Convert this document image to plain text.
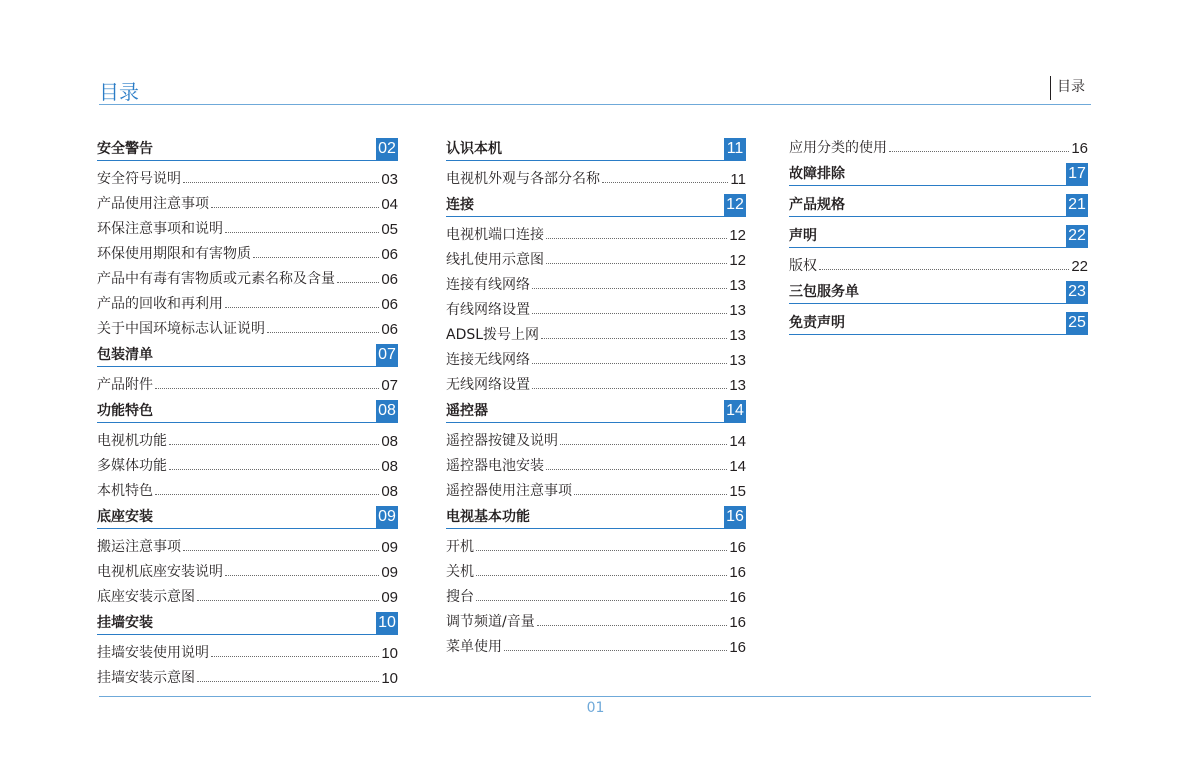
目录	目录
安全警告	02
安全符号说明	03
产品使用注意事项	04
环保注意事项和说明	05
环保使用期限和有害物质	06
产品中有毒有害物质或元素名称及含量	06
产品的回收和再利用	06
关于中国环境标志认证说明	06
包装清单	07
产品附件	07
功能特色	08
电视机功能	08
多媒体功能	08
本机特色	08
底座安装	09
搬运注意事项	09
电视机底座安装说明	09
底座安装示意图	09
挂墙安装	10
挂墙安装使用说明	10
挂墙安装示意图	10
认识本机	11
电视机外观与各部分名称	11
连接	12
电视机端口连接	12
线扎使用示意图	12
连接有线网络	13
有线网络设置	13
ADSL拨号上网	13
连接无线网络	13
无线网络设置	13
遥控器	14
遥控器按键及说明	14
遥控器电池安装	14
遥控器使用注意事项	15
电视基本功能	16
开机	16
关机	16
搜台	16
调节频道/音量	16
菜单使用	16
应用分类的使用	16
故障排除	17
产品规格	21
声明	22
版权	22
三包服务单	23
免责声明	25
01
